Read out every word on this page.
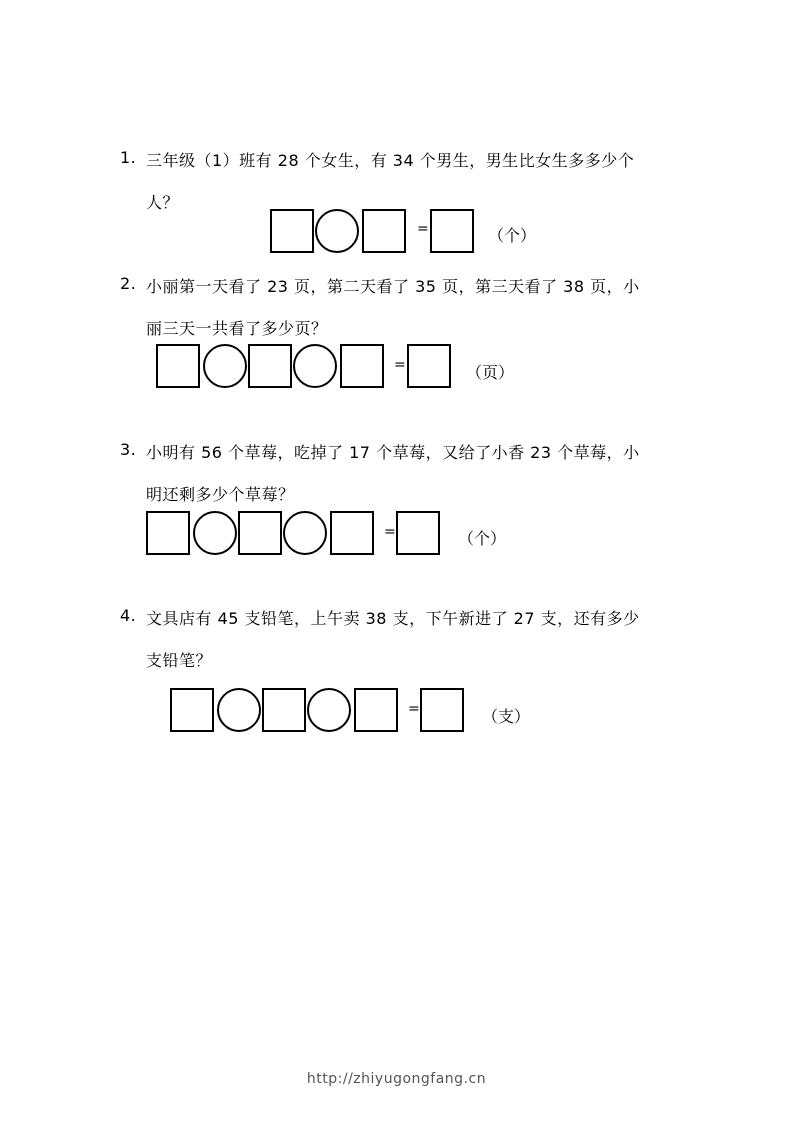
1. 三年级（1）班有 28 个女生，有 34 个男生，男生比女生多多少个
人？
=	（个）
2. 小丽第一天看了 23 页，第二天看了 35 页，第三天看了 38 页，小
丽三天一共看了多少页？
=	（页）
3. 小明有 56 个草莓，吃掉了 17 个草莓，又给了小香 23 个草莓，小
明还剩多少个草莓？
=	（个）
4. 文具店有 45 支铅笔，上午卖 38 支，下午新进了 27 支，还有多少
支铅笔？
=	（支）
http://zhiyugongfang.cn
